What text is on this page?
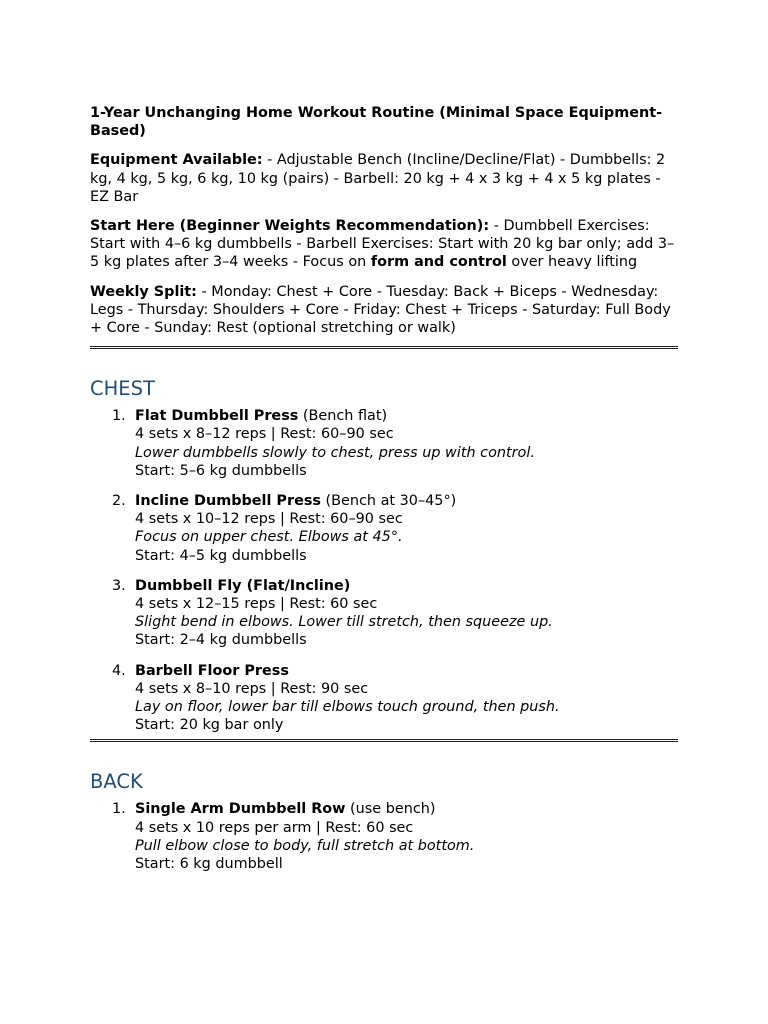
1-Year Unchanging Home Workout Routine (Minimal Space Equipment-Based)
Equipment Available: - Adjustable Bench (Incline/Decline/Flat) - Dumbbells: 2 kg, 4 kg, 5 kg, 6 kg, 10 kg (pairs) - Barbell: 20 kg + 4 x 3 kg + 4 x 5 kg plates - EZ Bar
Start Here (Beginner Weights Recommendation): - Dumbbell Exercises: Start with 4–6 kg dumbbells - Barbell Exercises: Start with 20 kg bar only; add 3–5 kg plates after 3–4 weeks - Focus on form and control over heavy lifting
Weekly Split: - Monday: Chest + Core - Tuesday: Back + Biceps - Wednesday: Legs - Thursday: Shoulders + Core - Friday: Chest + Triceps - Saturday: Full Body + Core - Sunday: Rest (optional stretching or walk)
CHEST
1. Flat Dumbbell Press (Bench flat)
4 sets x 8–12 reps | Rest: 60–90 sec
Lower dumbbells slowly to chest, press up with control.
Start: 5–6 kg dumbbells
2. Incline Dumbbell Press (Bench at 30–45°)
4 sets x 10–12 reps | Rest: 60–90 sec
Focus on upper chest. Elbows at 45°.
Start: 4–5 kg dumbbells
3. Dumbbell Fly (Flat/Incline)
4 sets x 12–15 reps | Rest: 60 sec
Slight bend in elbows. Lower till stretch, then squeeze up.
Start: 2–4 kg dumbbells
4. Barbell Floor Press
4 sets x 8–10 reps | Rest: 90 sec
Lay on floor, lower bar till elbows touch ground, then push.
Start: 20 kg bar only
BACK
1. Single Arm Dumbbell Row (use bench)
4 sets x 10 reps per arm | Rest: 60 sec
Pull elbow close to body, full stretch at bottom.
Start: 6 kg dumbbell
